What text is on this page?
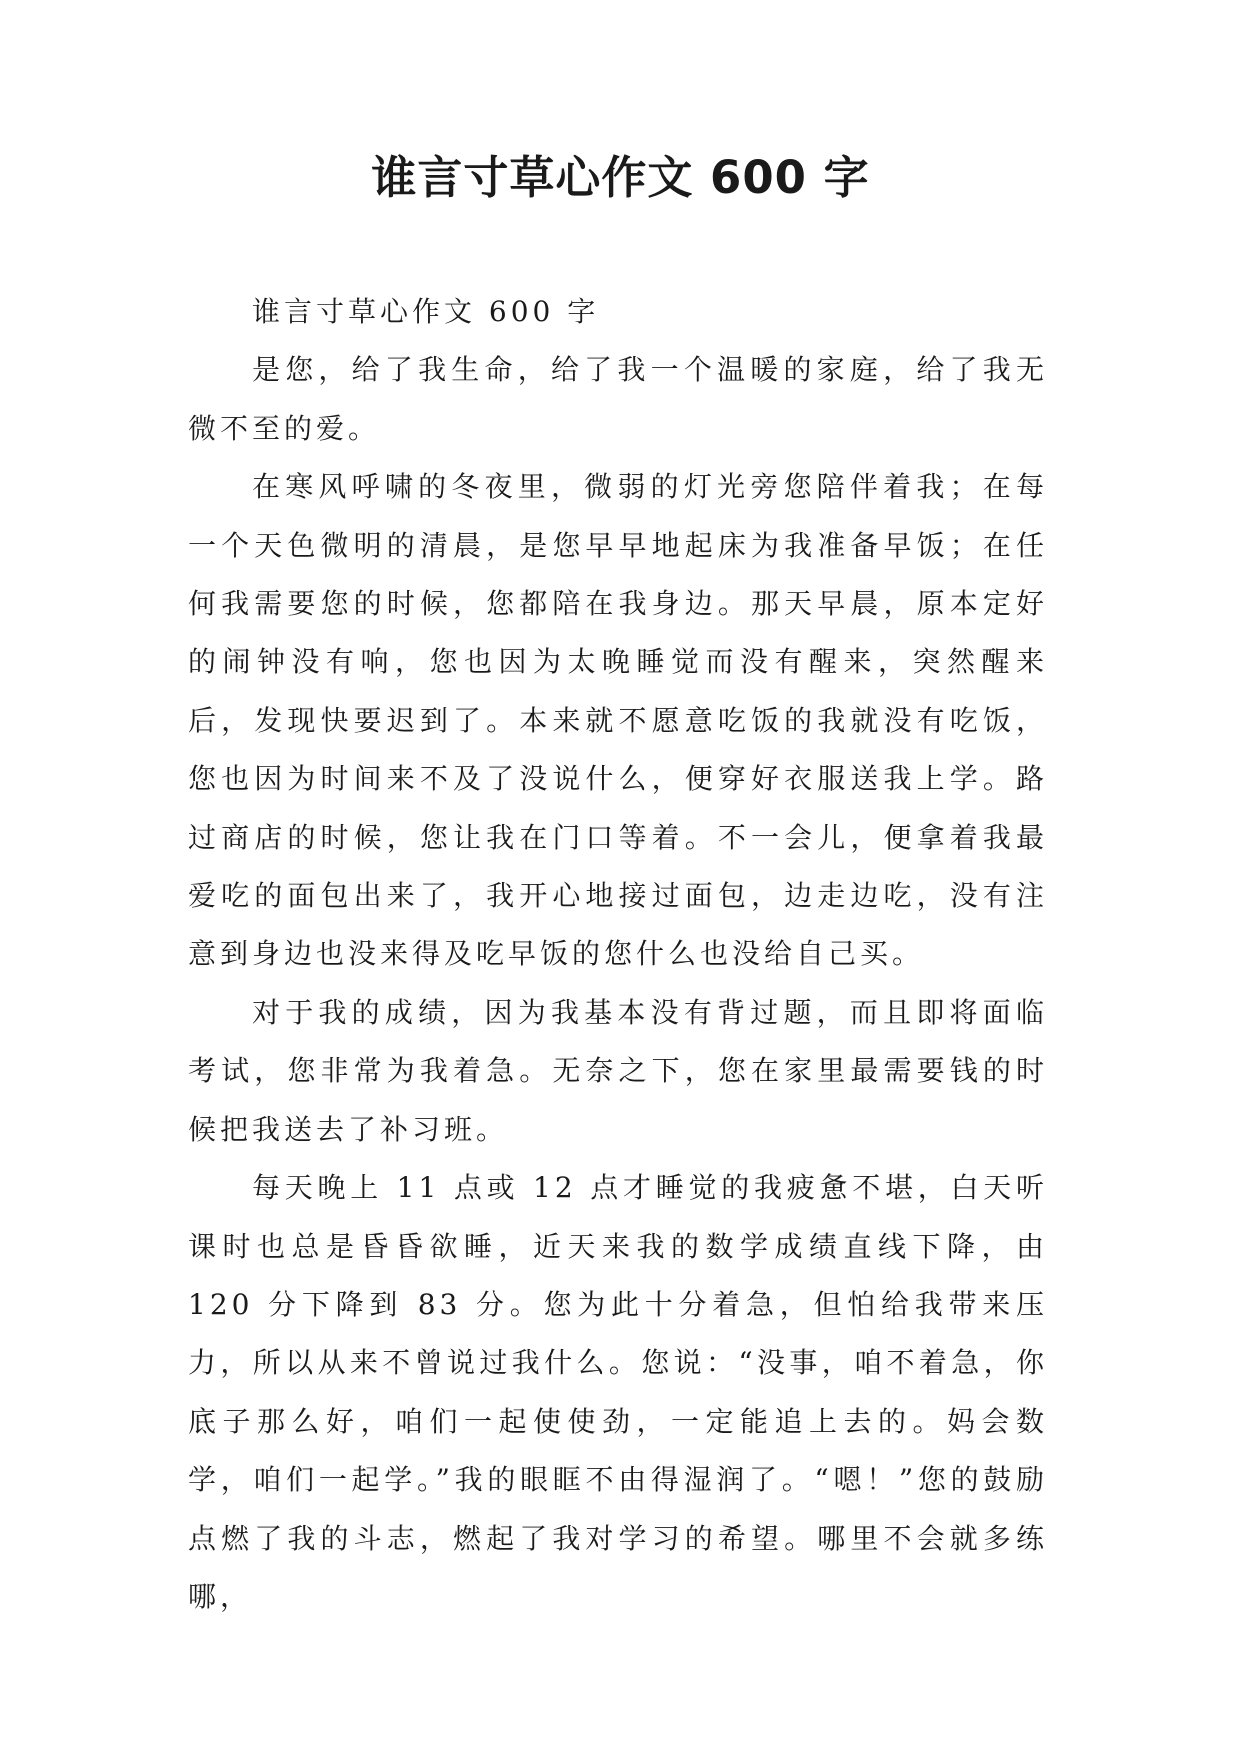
谁言寸草心作文 600 字

谁言寸草心作文 600 字

是您，给了我生命，给了我一个温暖的家庭，给了我无微不至的爱。

在寒风呼啸的冬夜里，微弱的灯光旁您陪伴着我；在每一个天色微明的清晨，是您早早地起床为我准备早饭；在任何我需要您的时候，您都陪在我身边。那天早晨，原本定好的闹钟没有响，您也因为太晚睡觉而没有醒来，突然醒来后，发现快要迟到了。本来就不愿意吃饭的我就没有吃饭，您也因为时间来不及了没说什么，便穿好衣服送我上学。路过商店的时候，您让我在门口等着。不一会儿，便拿着我最爱吃的面包出来了，我开心地接过面包，边走边吃，没有注意到身边也没来得及吃早饭的您什么也没给自己买。

对于我的成绩，因为我基本没有背过题，而且即将面临考试，您非常为我着急。无奈之下，您在家里最需要钱的时候把我送去了补习班。

每天晚上 11 点或 12 点才睡觉的我疲惫不堪，白天听课时也总是昏昏欲睡，近天来我的数学成绩直线下降，由 120 分下降到 83 分。您为此十分着急，但怕给我带来压力，所以从来不曾说过我什么。您说：“没事，咱不着急，你底子那么好，咱们一起使使劲，一定能追上去的。妈会数学，咱们一起学。”我的眼眶不由得湿润了。“嗯！”您的鼓励点燃了我的斗志，燃起了我对学习的希望。哪里不会就多练哪，
